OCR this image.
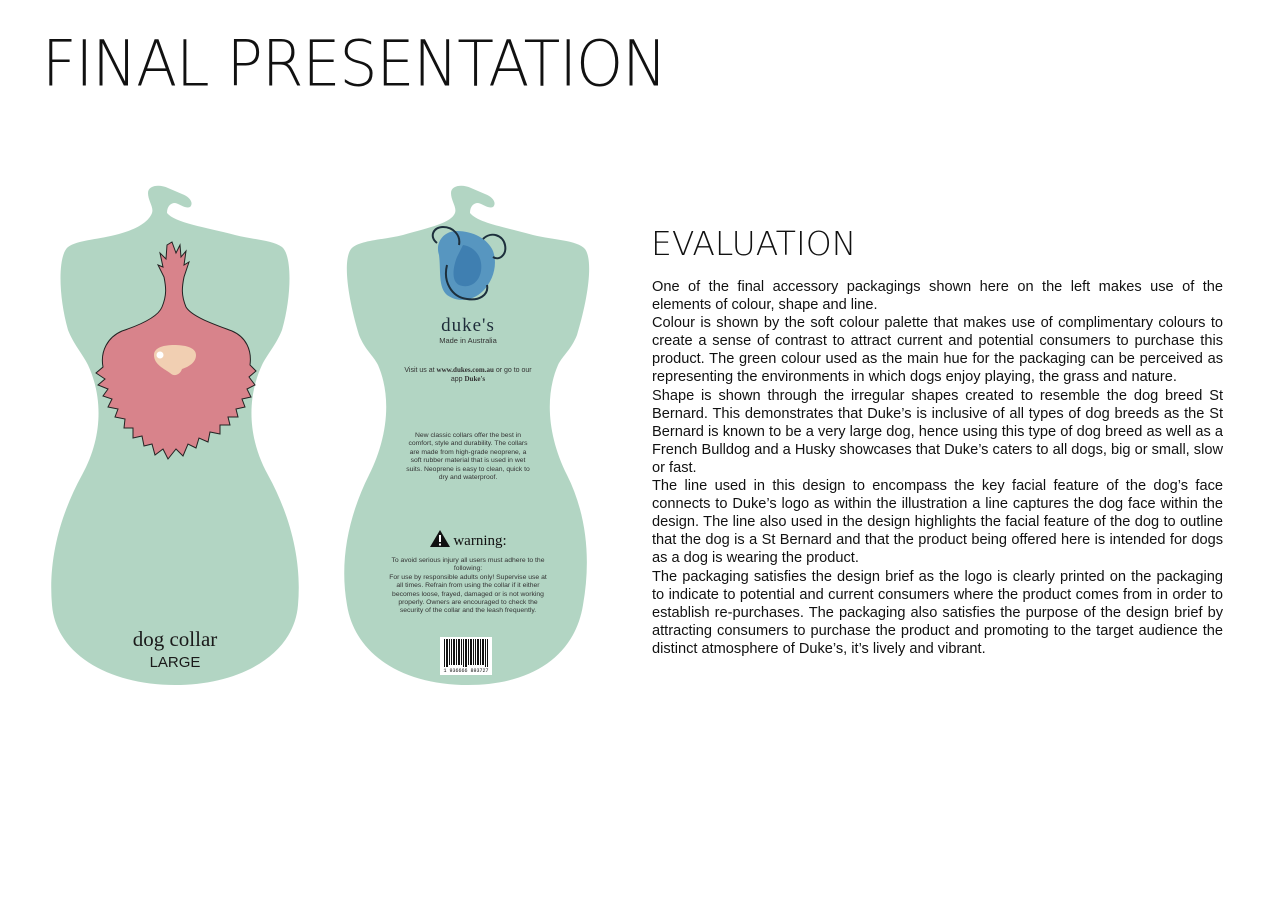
FINAL PRESENTATION
dog collar
LARGE
duke's
Made in Australia
Visit us at www.dukes.com.au or go to our app Duke's
New classic collars offer the best in comfort, style and durability. The collars are made from high-grade neoprene, a soft rubber material that is used in wet suits. Neoprene is easy to clean, quick to dry and waterproof.
warning:
To avoid serious injury all users must adhere to the following:
For use by responsible adults only! Supervise use at all times. Refrain from using the collar if it either becomes loose, frayed, damaged or is not working properly. Owners are encouraged to check the security of the collar and the leash frequently.
1 936666 893727
EVALUATION

One of the final accessory packagings shown here on the left makes use of the elements of colour, shape and line.

Colour is shown by the soft colour palette that makes use of complimentary colours to create a sense of contrast to attract current and potential consumers to purchase this product. The green colour used as the main hue for the packaging can be perceived as representing the environments in which dogs enjoy playing, the grass and nature.

Shape is shown through the irregular shapes created to resemble the dog breed St Bernard. This demonstrates that Duke’s is inclusive of all types of dog breeds as the St Bernard is known to be a very large dog, hence using this type of dog breed as well as a French Bulldog and a Husky showcases that Duke’s caters to all dogs, big or small, slow or fast.

The line used in this design to encompass the key facial feature of the dog’s face connects to Duke’s logo as within the illustration a line captures the dog face within the design. The line also used in the design highlights the facial feature of the dog to outline that the dog is a St Bernard and that the product being offered here is intended for dogs as a dog is wearing the product.

The packaging satisfies the design brief as the logo is clearly printed on the packaging to indicate to potential and current consumers where the product comes from in order to establish re-purchases. The packaging also satisfies the purpose of the design brief by attracting consumers to purchase the product and promoting to the target audience the distinct atmosphere of Duke’s, it’s lively and vibrant.
